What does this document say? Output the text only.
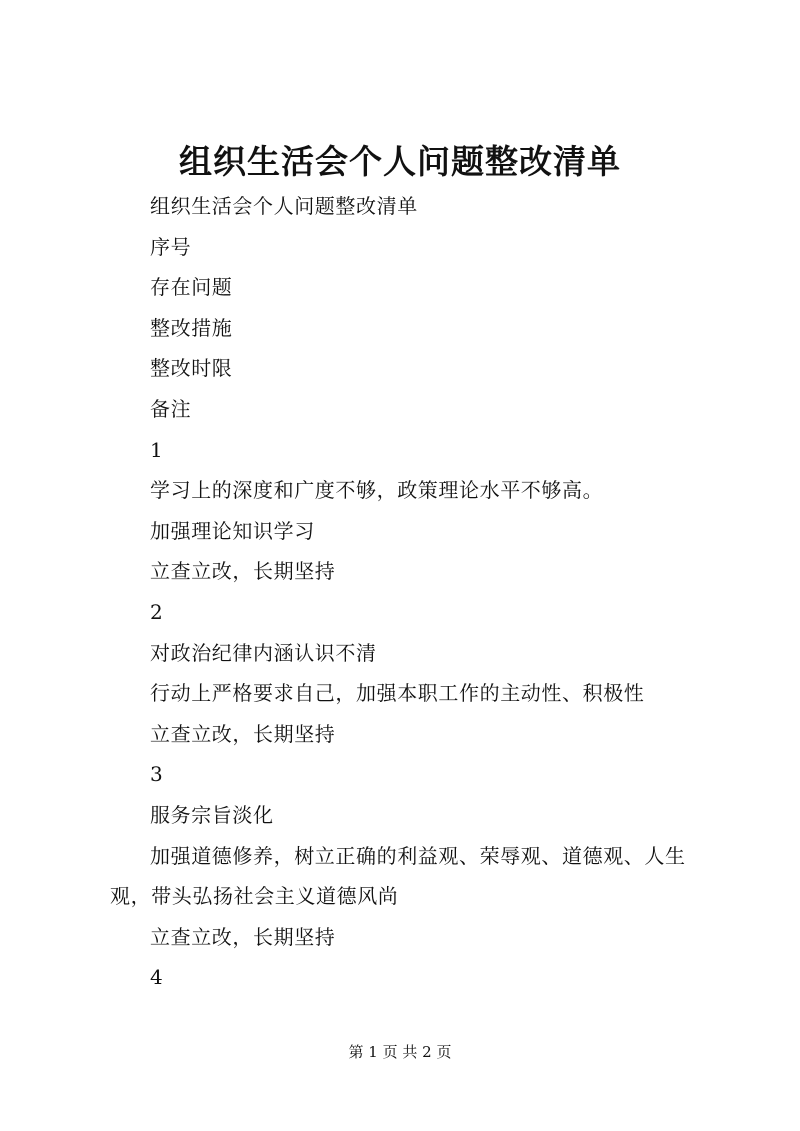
组织生活会个人问题整改清单

组织生活会个人问题整改清单

序号

存在问题

整改措施

整改时限

备注

1

学习上的深度和广度不够，政策理论水平不够高。

加强理论知识学习

立查立改，长期坚持

2

对政治纪律内涵认识不清

行动上严格要求自己，加强本职工作的主动性、积极性

立查立改，长期坚持

3

服务宗旨淡化

加强道德修养，树立正确的利益观、荣辱观、道德观、人生观，带头弘扬社会主义道德风尚

立查立改，长期坚持

4

第 1 页 共 2 页
